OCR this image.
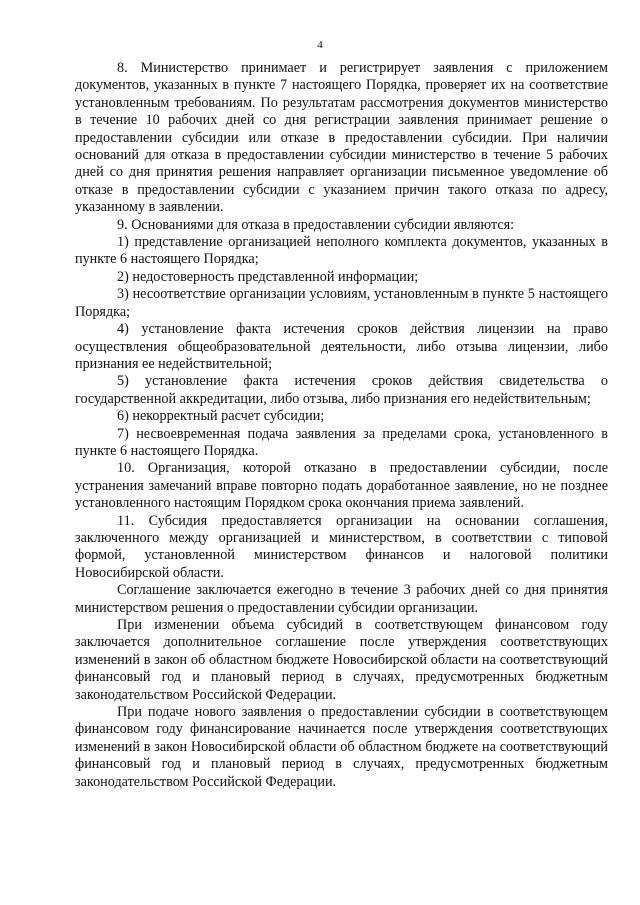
4

8. Министерство принимает и регистрирует заявления с приложением документов, указанных в пункте 7 настоящего Порядка, проверяет их на соответствие установленным требованиям. По результатам рассмотрения документов министерство в течение 10 рабочих дней со дня регистрации заявления принимает решение о предоставлении субсидии или отказе в предоставлении субсидии. При наличии оснований для отказа в предоставлении субсидии министерство в течение 5 рабочих дней со дня принятия решения направляет организации письменное уведомление об отказе в предоставлении субсидии с указанием причин такого отказа по адресу, указанному в заявлении.

9. Основаниями для отказа в предоставлении субсидии являются:

1) представление организацией неполного комплекта документов, указанных в пункте 6 настоящего Порядка;

2) недостоверность представленной информации;

3) несоответствие организации условиям, установленным в пункте 5 настоящего Порядка;

4) установление факта истечения сроков действия лицензии на право осуществления общеобразовательной деятельности, либо отзыва лицензии, либо признания ее недействительной;

5) установление факта истечения сроков действия свидетельства о государственной аккредитации, либо отзыва, либо признания его недействительным;

6) некорректный расчет субсидии;

7) несвоевременная подача заявления за пределами срока, установленного в пункте 6 настоящего Порядка.

10. Организация, которой отказано в предоставлении субсидии, после устранения замечаний вправе повторно подать доработанное заявление, но не позднее установленного настоящим Порядком срока окончания приема заявлений.

11. Субсидия предоставляется организации на основании соглашения, заключенного между организацией и министерством, в соответствии с типовой формой, установленной министерством финансов и налоговой политики Новосибирской области.

Соглашение заключается ежегодно в течение 3 рабочих дней со дня принятия министерством решения о предоставлении субсидии организации.

При изменении объема субсидий в соответствующем финансовом году заключается дополнительное соглашение после утверждения соответствующих изменений в закон об областном бюджете Новосибирской области на соответствующий финансовый год и плановый период в случаях, предусмотренных бюджетным законодательством Российской Федерации.

При подаче нового заявления о предоставлении субсидии в соответствующем финансовом году финансирование начинается после утверждения соответствующих изменений в закон Новосибирской области об областном бюджете на соответствующий финансовый год и плановый период в случаях, предусмотренных бюджетным законодательством Российской Федерации.
